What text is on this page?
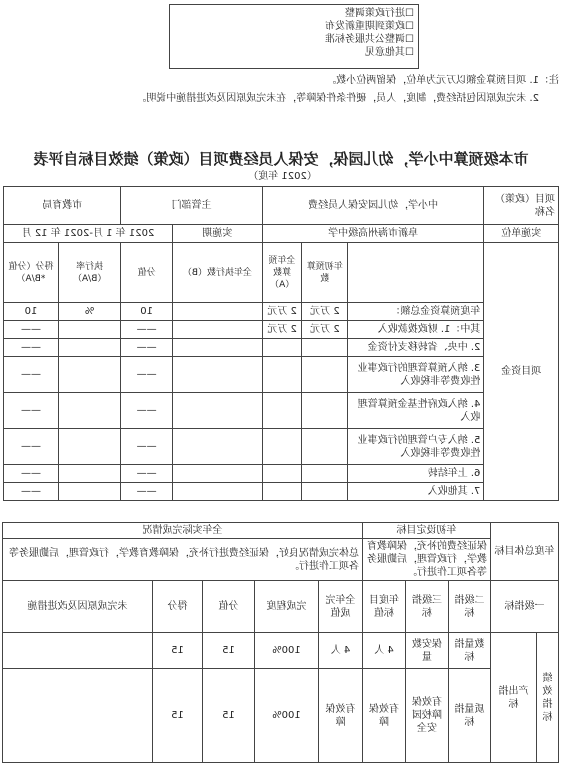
☐进行政策调整
☐政策到期重新发布
☐调整公共服务标准
☐其他意见
注：1. 项目预算金额以万元为单位，保留两位小数。
2. 未完成原因包括经费，制度，人员，硬件条件保障等，在未完成原因及改进措施中说明。
市本级预算中小学，幼儿园保，安保人员经费项目（政策）绩效目标自评表
（2021 年度）
项目（政策）名称	中小学，幼儿园安保人员经费			主管部门		市教育局	
实施单位	阜新市海州高级中学			实施期	2021 年 1 月-2021 年 12 月		
项目资金		年初预算数	全年预算数（A）	全年执行数（B）	分值	执行率（B/A）	得分（分值*B/A）
	年度预算资金总额：	2 万元	2 万元		10	%	10
	其中：1. 财政拨款收入	2 万元	2 万元		——		——
	2. 中央、省转移支付资金				——		——
	3. 纳入预算管理的行政事业性收费等非税收入				——		——
	4. 纳入政府性基金预算管理收入				——		——
	5. 纳入专户管理的行政事业性收费等非税收入				——		——
	6. 上年结转				——		——
	7. 其他收入				——		——
年度总体目标		年初设定目标			全年实际完成情况				
		保证经费的补充，保障教育教学，行政管理，后勤服务等各项工作进行。			总体完成情况良好，保证经费进行补充，保障教育教学，行政管理，后勤服务等各项工作进行。				
一级指标		二级指标	三级指标	年度目标值	全年完成值	完成程度	分值	得分	未完成原因及改进措施
绩效指标	产出指标	数量指标	保安数量	4 人	4 人	100%	15	15	
		质量指标	有效保障校园安全	有效保障	有效保障	100%	15	15	
